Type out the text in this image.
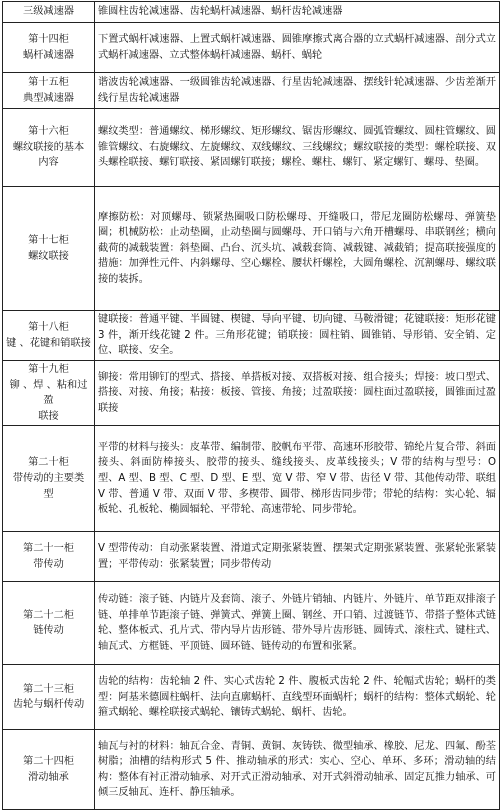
三级减速器	锥圆柱齿轮减速器、齿轮蜗杆减速器、蜗杆齿轮减速器

第十四柜
蜗杆减速器	下置式蜗杆减速器、上置式蜗杆减速器、圆锥摩擦式离合器的立式蜗杆减速器、剖分式立式蜗杆减速器、立式整体蜗杆减速器、蜗杆、蜗轮

第十五柜
典型减速器	谐波齿轮减速器、一级圆锥齿轮减速器、行星齿轮减速器、摆线针轮减速器、少齿差渐开线行星齿轮减速器

第十六柜
螺纹联接的基本
内容	螺纹类型：普通螺纹、梯形螺纹、矩形螺纹、锯齿形螺纹、圆弧管螺纹、圆柱管螺纹、圆锥管螺纹、右旋螺纹、左旋螺纹、双线螺纹、三线螺纹；螺纹联接的类型：螺栓联接、双头螺栓联接、螺钉联接、紧固螺钉联接；螺栓、螺柱、螺钉、紧定螺钉、螺母、垫圈。

第十七柜
螺纹联接	摩擦防松：对顶螺母、锁紧热圈吸口防松螺母、开缝吸口，带尼龙圈防松螺母、弹簧垫圈；机械防松：止动垫圈，止动垫圈与圆螺母、开口销与六角开槽螺母、串联钢丝；横向截荷的减载装置：斜垫圈、凸台、沉头坑、减载套筒、减载键、减截销；提高联接强度的措施：加弹性元件、内斜螺母、空心螺栓、腰状杆螺栓，大圆角螺栓、沉割螺母、螺纹联接的装拆。

第十八柜
键 、花键和销联接	键联接：普通平键、半圆键、楔键、导向平键、切向键、马鞍滑键；花键联接：矩形花键 3 件，渐开线花键 2 件。三角形花键；销联接：圆柱销、圆锥销、导形销、安全销、定位、联接、安全。

第十九柜
铆 、焊 、粘和过盈
联接	铆接：常用铆钉的型式、搭接、单搭板对接、双搭板对接、组合接头；焊接：坡口型式、搭接、对接、角接；粘接：板接、管接、角接；过盈联接：圆柱面过盈联接，圆锥面过盈联接

第二十柜
带传动的主要类
型	平带的材料与接头：皮革带、编制带、胶帆布平带、高速环形胶带、锦纶片复合带、斜面接头、斜面防棒接头、胶带的接头、缝线接头、皮革线接头；V 带的结构与型号：O 型、A 型、B 型、C 型、D 型、E 型、宽 V 带、窄 V 带、齿径 V 带、其他传动带、联组 V 带、普通 V 带、双面 V 带、多楔带、圆带、梯形齿同步带；带轮的结构：实心轮、辐板轮、孔板轮、椭圆辐轮、平带轮、高速带轮、同步带轮。

第二十一柜
带传动	V 型带传动：自动张紧装置、滑道式定期张紧装置、摆架式定期张紧装置、张紧轮张紧装置；平带传动：张紧装置；同步带传动

第二十二柜
链传动	传动链：滚子链、内链片及套筒、滚子、外链片销轴、内链片、外链片、单节距双排滚子链、单排单节距滚子链、弹簧式、弹簧上圈、钢丝、开口销、过渡链节、带搭子整体式链轮、整体板式、孔片式、带内导片齿形链、带外导片齿形链、圆铸式、滚柱式、键柱式、轴瓦式、方框链、平顶链、圆环链、链传动的布置和张紧。

第二十三柜
齿轮与蜗杆传动	齿轮的结构：齿轮轴 2 件、实心式齿轮 2 件、腹板式齿轮 2 件、轮幅式齿轮；蜗杆的类型：阿基米德圆柱蜗杆、法向直廓蜗杆、直线型环面蜗杆；蜗杆的结构：整体式蜗轮、轮箍式蜗轮、螺栓联接式蜗轮、镶铸式蜗轮、蜗杆、齿轮。

第二十四柜
滑动轴承	轴瓦与衬的材料：轴瓦合金、青铜、黄铜、灰铸铁、微型轴承、橡胶、尼龙、四氟、酚荃树脂；油槽的结构形式 5 件、推动轴承的形式：实心、空心、单环、多环；滑动轴的结构：整体有衬正滑动轴承、对开式正滑动轴承、对开式斜滑动轴承、固定瓦推力轴承、可倾三反轴瓦、连杆、静压轴承。
